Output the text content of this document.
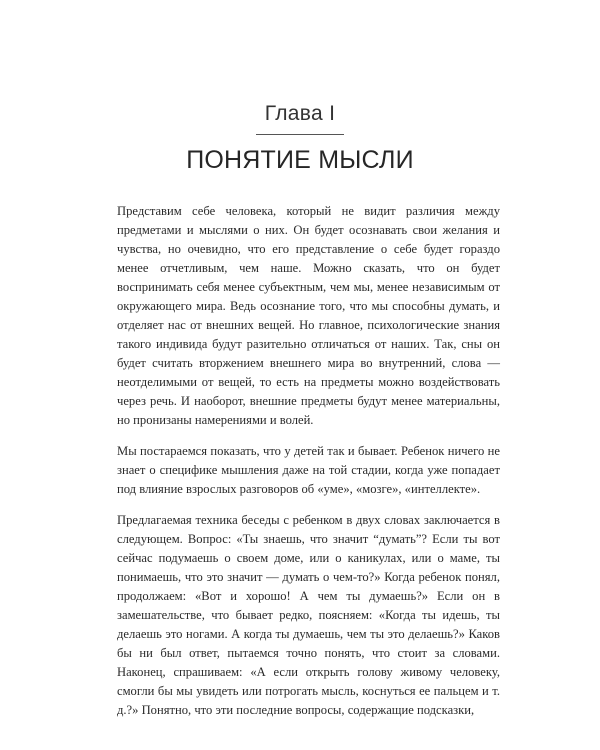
Глава I
ПОНЯТИЕ МЫСЛИ

Представим себе человека, который не видит различия между предметами и мыслями о них. Он будет осознавать свои желания и чувства, но очевидно, что его представление о себе будет гораздо менее отчетливым, чем наше. Можно сказать, что он будет воспринимать себя менее субъектным, чем мы, менее независимым от окружающего мира. Ведь осознание того, что мы способны думать, и отделяет нас от внешних вещей. Но главное, психологические знания такого индивида будут разительно отличаться от наших. Так, сны он будет считать вторжением внешнего мира во внутренний, слова — неотделимыми от вещей, то есть на предметы можно воздействовать через речь. И наоборот, внешние предметы будут менее материальны, но пронизаны намерениями и волей.

Мы постараемся показать, что у детей так и бывает. Ребенок ничего не знает о специфике мышления даже на той стадии, когда уже попадает под влияние взрослых разговоров об «уме», «мозге», «интеллекте».

Предлагаемая техника беседы с ребенком в двух словах заключается в следующем. Вопрос: «Ты знаешь, что значит “думать”? Если ты вот сейчас подумаешь о своем доме, или о каникулах, или о маме, ты понимаешь, что это значит — думать о чем-то?» Когда ребенок понял, продолжаем: «Вот и хорошо! А чем ты думаешь?» Если он в замешательстве, что бывает редко, поясняем: «Когда ты идешь, ты делаешь это ногами. А когда ты думаешь, чем ты это делаешь?» Каков бы ни был ответ, пытаемся точно понять, что стоит за словами. Наконец, спрашиваем: «А если открыть голову живому человеку, смогли бы мы увидеть или потрогать мысль, коснуться ее пальцем и т. д.?» Понятно, что эти последние вопросы, содержащие подсказки,
